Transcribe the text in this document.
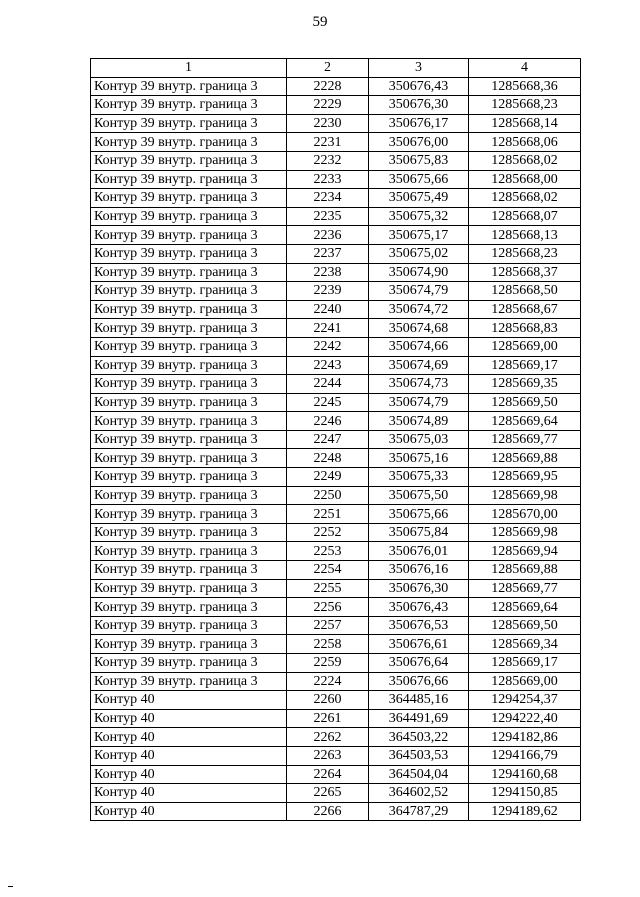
59
1	2	3	4
Контур 39 внутр. граница 3	2228	350676,43	1285668,36
Контур 39 внутр. граница 3	2229	350676,30	1285668,23
Контур 39 внутр. граница 3	2230	350676,17	1285668,14
Контур 39 внутр. граница 3	2231	350676,00	1285668,06
Контур 39 внутр. граница 3	2232	350675,83	1285668,02
Контур 39 внутр. граница 3	2233	350675,66	1285668,00
Контур 39 внутр. граница 3	2234	350675,49	1285668,02
Контур 39 внутр. граница 3	2235	350675,32	1285668,07
Контур 39 внутр. граница 3	2236	350675,17	1285668,13
Контур 39 внутр. граница 3	2237	350675,02	1285668,23
Контур 39 внутр. граница 3	2238	350674,90	1285668,37
Контур 39 внутр. граница 3	2239	350674,79	1285668,50
Контур 39 внутр. граница 3	2240	350674,72	1285668,67
Контур 39 внутр. граница 3	2241	350674,68	1285668,83
Контур 39 внутр. граница 3	2242	350674,66	1285669,00
Контур 39 внутр. граница 3	2243	350674,69	1285669,17
Контур 39 внутр. граница 3	2244	350674,73	1285669,35
Контур 39 внутр. граница 3	2245	350674,79	1285669,50
Контур 39 внутр. граница 3	2246	350674,89	1285669,64
Контур 39 внутр. граница 3	2247	350675,03	1285669,77
Контур 39 внутр. граница 3	2248	350675,16	1285669,88
Контур 39 внутр. граница 3	2249	350675,33	1285669,95
Контур 39 внутр. граница 3	2250	350675,50	1285669,98
Контур 39 внутр. граница 3	2251	350675,66	1285670,00
Контур 39 внутр. граница 3	2252	350675,84	1285669,98
Контур 39 внутр. граница 3	2253	350676,01	1285669,94
Контур 39 внутр. граница 3	2254	350676,16	1285669,88
Контур 39 внутр. граница 3	2255	350676,30	1285669,77
Контур 39 внутр. граница 3	2256	350676,43	1285669,64
Контур 39 внутр. граница 3	2257	350676,53	1285669,50
Контур 39 внутр. граница 3	2258	350676,61	1285669,34
Контур 39 внутр. граница 3	2259	350676,64	1285669,17
Контур 39 внутр. граница 3	2224	350676,66	1285669,00
Контур 40	2260	364485,16	1294254,37
Контур 40	2261	364491,69	1294222,40
Контур 40	2262	364503,22	1294182,86
Контур 40	2263	364503,53	1294166,79
Контур 40	2264	364504,04	1294160,68
Контур 40	2265	364602,52	1294150,85
Контур 40	2266	364787,29	1294189,62
